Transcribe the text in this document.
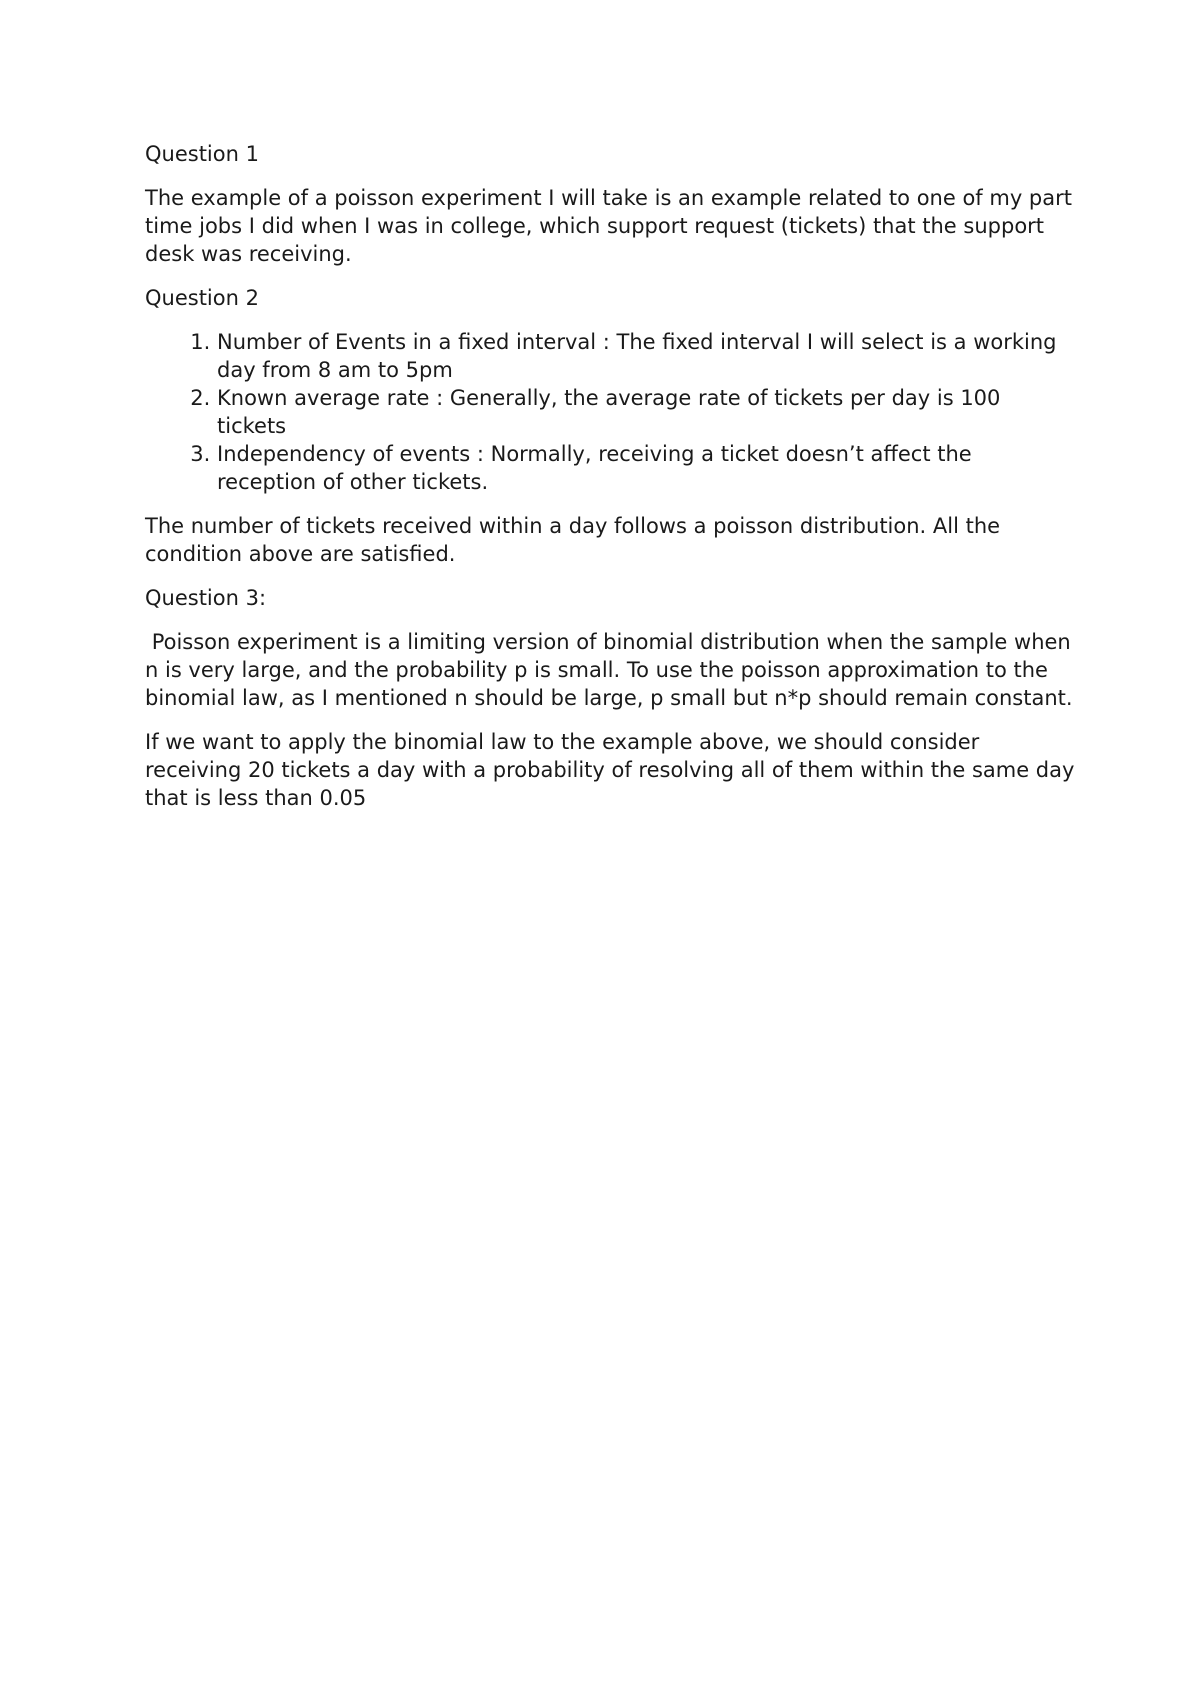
Question 1

The example of a poisson experiment I will take is an example related to one of my part time jobs I did when I was in college, which support request (tickets) that the support desk was receiving.

Question 2

1. Number of Events in a fixed interval : The fixed interval I will select is a working day from 8 am to 5pm
2. Known average rate : Generally, the average rate of tickets per day is 100 tickets
3. Independency of events : Normally, receiving a ticket doesn’t affect the reception of other tickets.

The number of tickets received within a day follows a poisson distribution. All the condition above are satisfied.

Question 3:

Poisson experiment is a limiting version of binomial distribution when the sample when n is very large, and the probability p is small. To use the poisson approximation to the binomial law, as I mentioned n should be large, p small but n*p should remain constant.

If we want to apply the binomial law to the example above, we should consider receiving 20 tickets a day with a probability of resolving all of them within the same day that is less than 0.05
